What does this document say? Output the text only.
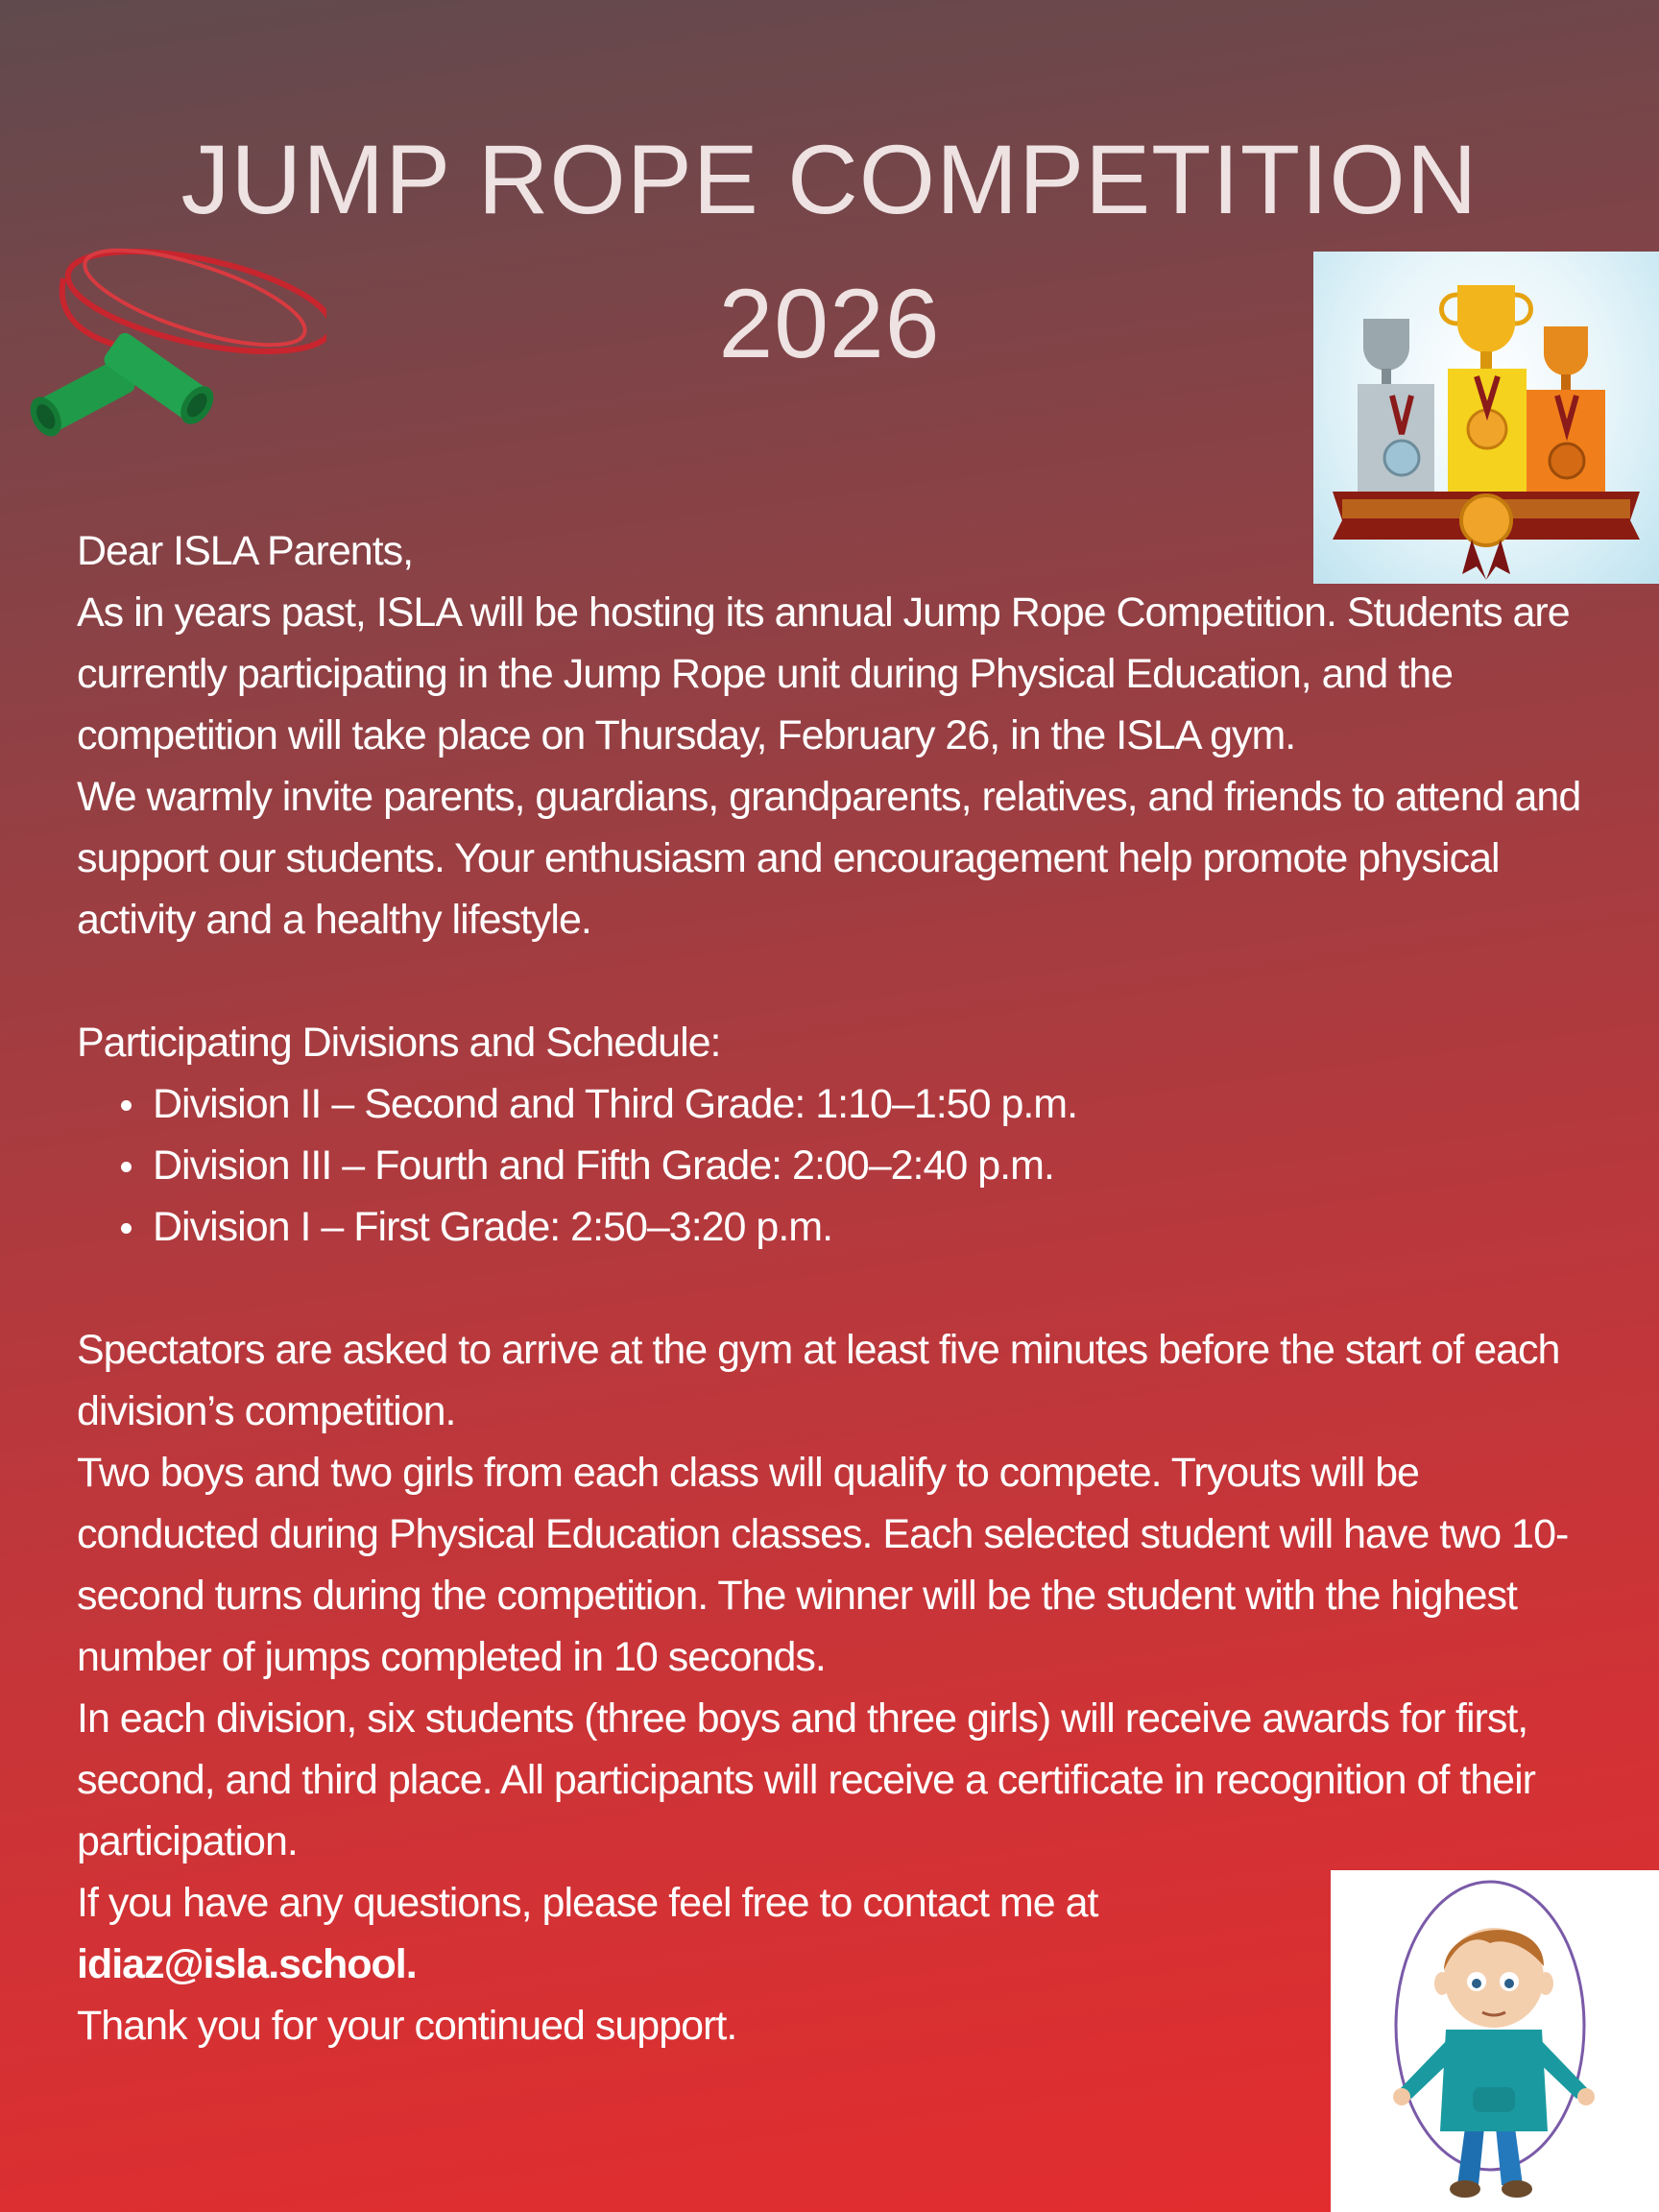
JUMP ROPE COMPETITION
2026

Dear ISLA Parents,

As in years past, ISLA will be hosting its annual Jump Rope Competition. Students are currently participating in the Jump Rope unit during Physical Education, and the competition will take place on Thursday, February 26, in the ISLA gym.

We warmly invite parents, guardians, grandparents, relatives, and friends to attend and support our students. Your enthusiasm and encouragement help promote physical activity and a healthy lifestyle.

Participating Divisions and Schedule:

Division II – Second and Third Grade: 1:10–1:50 p.m.
Division III – Fourth and Fifth Grade: 2:00–2:40 p.m.
Division I – First Grade: 2:50–3:20 p.m.

Spectators are asked to arrive at the gym at least five minutes before the start of each division’s competition.

Two boys and two girls from each class will qualify to compete. Tryouts will be conducted during Physical Education classes. Each selected student will have two 10-second turns during the competition. The winner will be the student with the highest number of jumps completed in 10 seconds.

In each division, six students (three boys and three girls) will receive awards for first, second, and third place. All participants will receive a certificate in recognition of their participation.

If you have any questions, please feel free to contact me at

idiaz@isla.school.

Thank you for your continued support.
